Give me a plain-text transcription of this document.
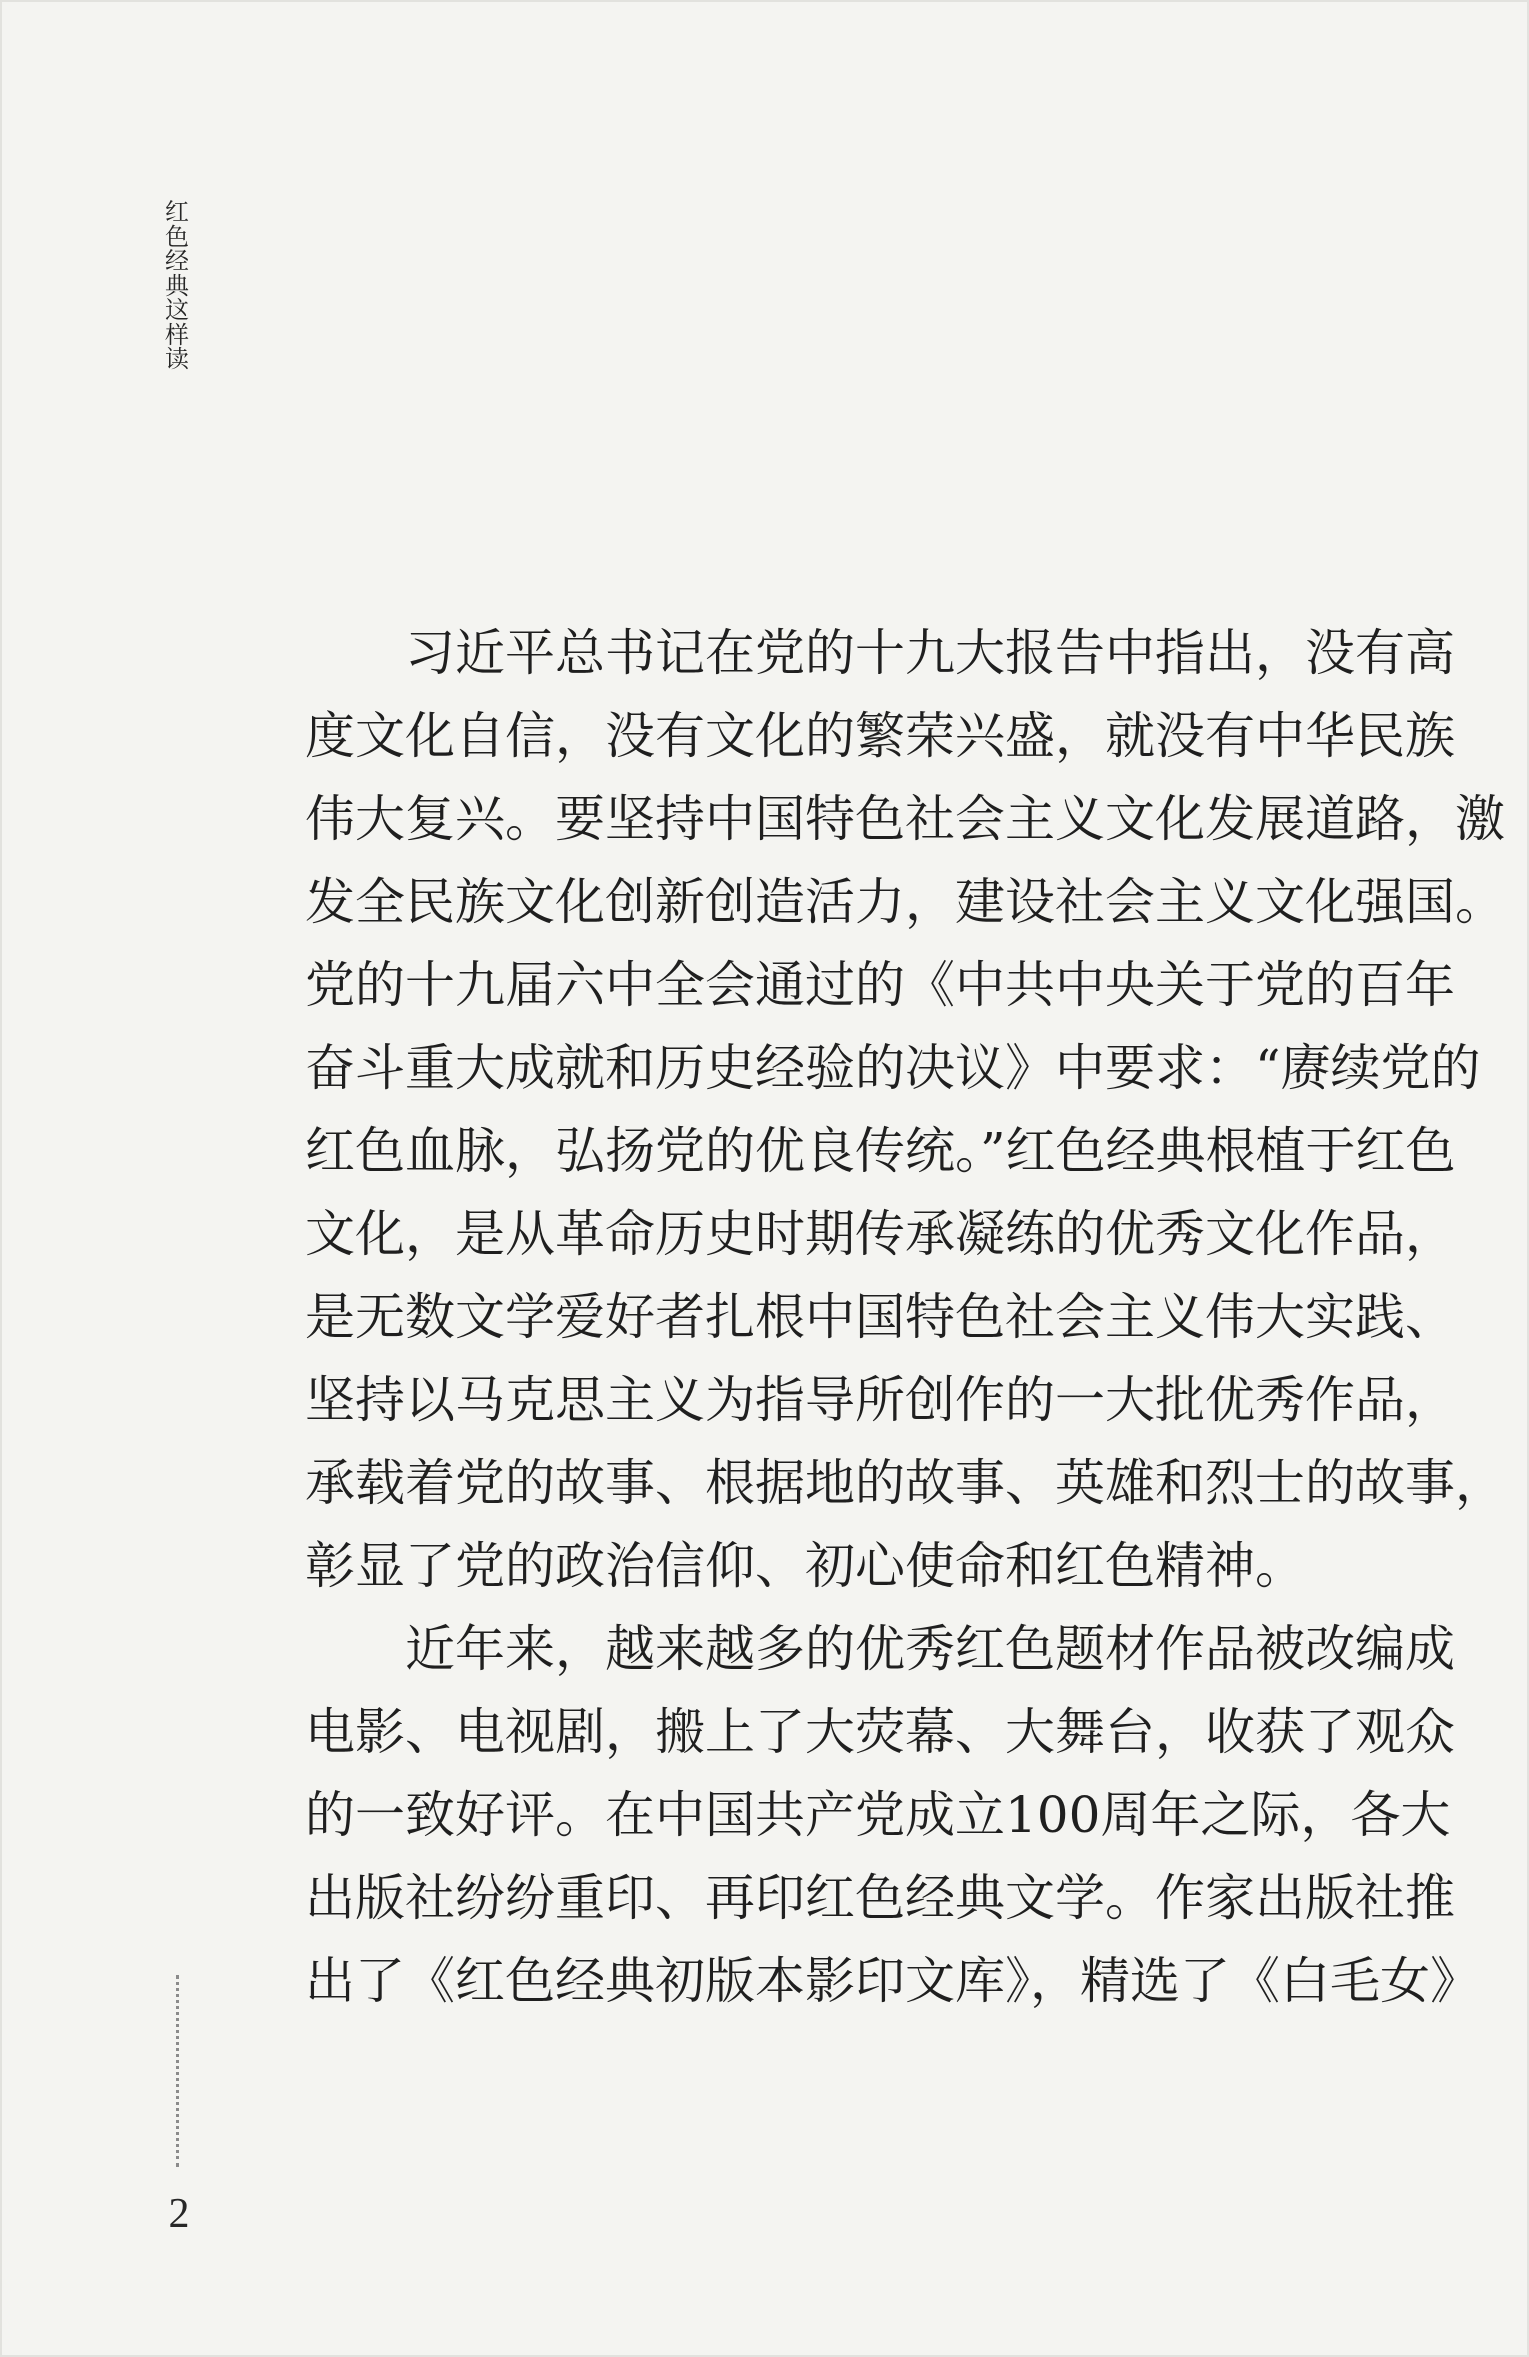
红色经典这样读
习近平总书记在党的十九大报告中指出，没有高
度文化自信，没有文化的繁荣兴盛，就没有中华民族
伟大复兴。要坚持中国特色社会主义文化发展道路，激
发全民族文化创新创造活力，建设社会主义文化强国。
党的十九届六中全会通过的《中共中央关于党的百年
奋斗重大成就和历史经验的决议》中要求：“赓续党的
红色血脉，弘扬党的优良传统。”红色经典根植于红色
文化，是从革命历史时期传承凝练的优秀文化作品，
是无数文学爱好者扎根中国特色社会主义伟大实践、
坚持以马克思主义为指导所创作的一大批优秀作品，
承载着党的故事、根据地的故事、英雄和烈士的故事，
彰显了党的政治信仰、初心使命和红色精神。
近年来，越来越多的优秀红色题材作品被改编成
电影、电视剧，搬上了大荧幕、大舞台，收获了观众
的一致好评。在中国共产党成立100周年之际，各大
出版社纷纷重印、再印红色经典文学。作家出版社推
出了《红色经典初版本影印文库》，精选了《白毛女》
2
